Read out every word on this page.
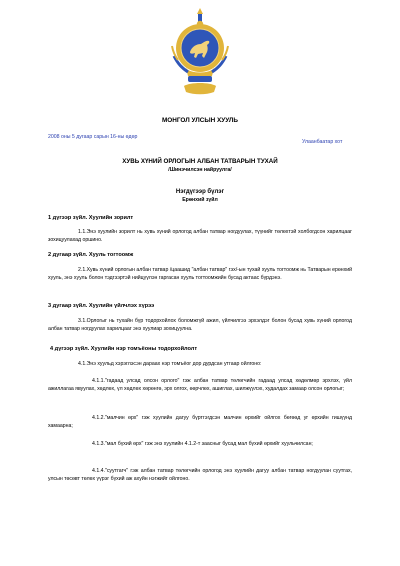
МОНГОЛ УЛСЫН ХУУЛЬ
2008 оны 5 дугаар сарын 16-ны өдөр
Улаанбаатар хот
ХУВЬ ХҮНИЙ ОРЛОГЫН АЛБАН ТАТВАРЫН ТУХАЙ
/Шинэчилсэн найруулга/
Нэгдүгээр бүлэг
Ерөнхий зүйл
1 дүгээр зүйл. Хуулийн зорилт

1.1.Энэ хуулийн зорилт нь хувь хүний орлогод албан татвар ногдуулах, түүнийг төлөхтэй холбогдсон харилцааг зохицуулахад оршино.

2 дугаар зүйл. Хууль тогтоомж

2.1.Хувь хүний орлогын албан татвар /цаашид "албан татвар" гэх/-ын тухай хууль тогтоомж нь Татварын ерөнхий хууль, энэ хууль болон тэдгээртэй нийцүүлэн гаргасан хууль тогтоомжийн бусад актаас бүрдэнэ.

3 дугаар зүйл. Хуулийн үйлчлэх хүрээ

3.1.Орлогыг нь тухайн бүр тодорхойлох боломжгүй ажил, үйлчилгээ эрхэлдэг болон бусад хувь хүний орлогод албан татвар ногдуулах харилцааг энэ хуулиар зохицуулна.

4 дүгээр зүйл. Хуулийн нэр томъёоны тодорхойлолт

4.1.Энэ хуульд хэрэглэсэн дараах нэр томъёог дор дурдсан утгаар ойлгоно:

4.1.1."гадаад улсад олсон орлого" гэж албан татвар төлөгчийн гадаад улсад хөдөлмөр эрхлэх, үйл ажиллагаа явуулах, хөдлөх, үл хөдлөх хөрөнгө, эрх олгох, өөрчлөх, ашиглах, шилжүүлэх, худалдах замаар олсон орлогыг;

4.1.2."малчин өрх" гэж хуулийн дагуу бүртгэгдсэн малчин өрхийг ойлгох бөгөөд уг өрхийн гишүүнд хамаарна;

4.1.3."мал бүхий өрх" гэж энэ хуулийн 4.1.2-т заасныг бусад мал бүхий өрхийг хуульчилсан;

4.1.4."суутгагч" гэж албан татвар төлөгчийн орлогод энэ хуулийн дагуу албан татвар ногдуулан суутгах, улсын төсөвт төлөх үүрэг бүхий аж ахуйн нэгжийг ойлгоно.
